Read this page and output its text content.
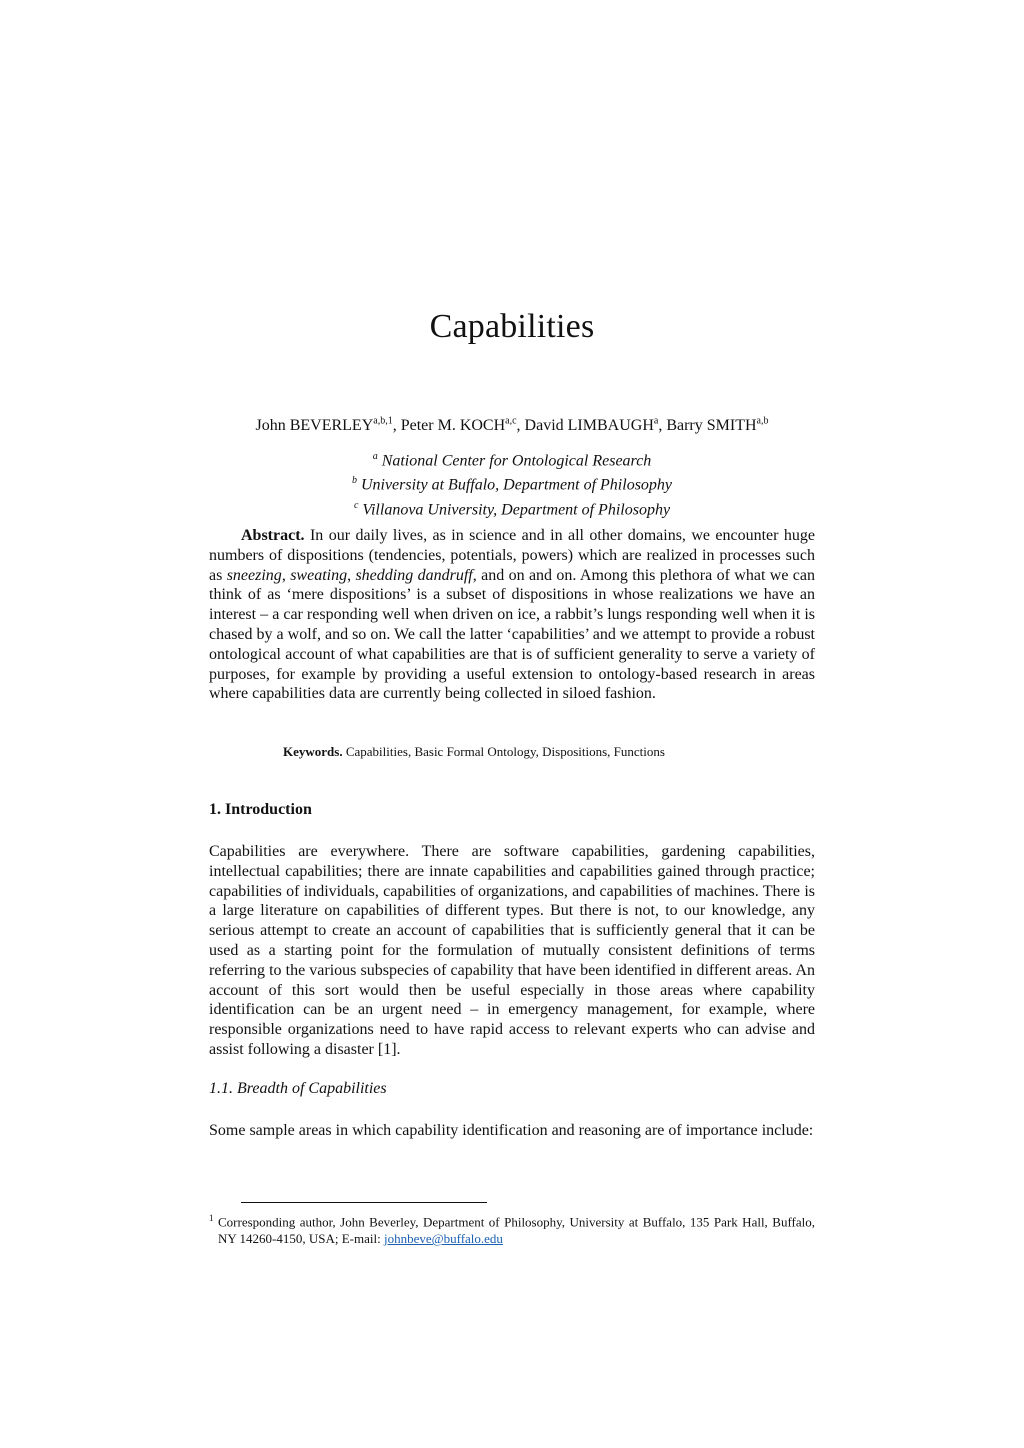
Capabilities
John BEVERLEY$^{a,b,1}$, Peter M. KOCH$^{a,c}$, David LIMBAUGH$^a$, Barry SMITH$^{a,b}$
$^a$ National Center for Ontological Research
$^b$ University at Buffalo, Department of Philosophy
$^c$ Villanova University, Department of Philosophy

Abstract. In our daily lives, as in science and in all other domains, we encounter huge numbers of dispositions (tendencies, potentials, powers) which are realized in processes such as sneezing, sweating, shedding dandruff, and on and on. Among this plethora of what we can think of as ‘mere dispositions’ is a subset of dispositions in whose realizations we have an interest – a car responding well when driven on ice, a rabbit’s lungs responding well when it is chased by a wolf, and so on. We call the latter ‘capabilities’ and we attempt to provide a robust ontological account of what capabilities are that is of sufficient generality to serve a variety of purposes, for example by providing a useful extension to ontology-based research in areas where capabilities data are currently being collected in siloed fashion.

Keywords. Capabilities, Basic Formal Ontology, Dispositions, Functions
1. Introduction

Capabilities are everywhere. There are software capabilities, gardening capabilities, intellectual capabilities; there are innate capabilities and capabilities gained through practice; capabilities of individuals, capabilities of organizations, and capabilities of machines. There is a large literature on capabilities of different types. But there is not, to our knowledge, any serious attempt to create an account of capabilities that is sufficiently general that it can be used as a starting point for the formulation of mutually consistent definitions of terms referring to the various subspecies of capability that have been identified in different areas. An account of this sort would then be useful especially in those areas where capability identification can be an urgent need – in emergency management, for example, where responsible organizations need to have rapid access to relevant experts who can advise and assist following a disaster [1].

1.1. Breadth of Capabilities

Some sample areas in which capability identification and reasoning are of importance include:

$^1$ Corresponding author, John Beverley, Department of Philosophy, University at Buffalo, 135 Park Hall, Buffalo, NY 14260-4150, USA; E-mail: johnbeve@buffalo.edu
